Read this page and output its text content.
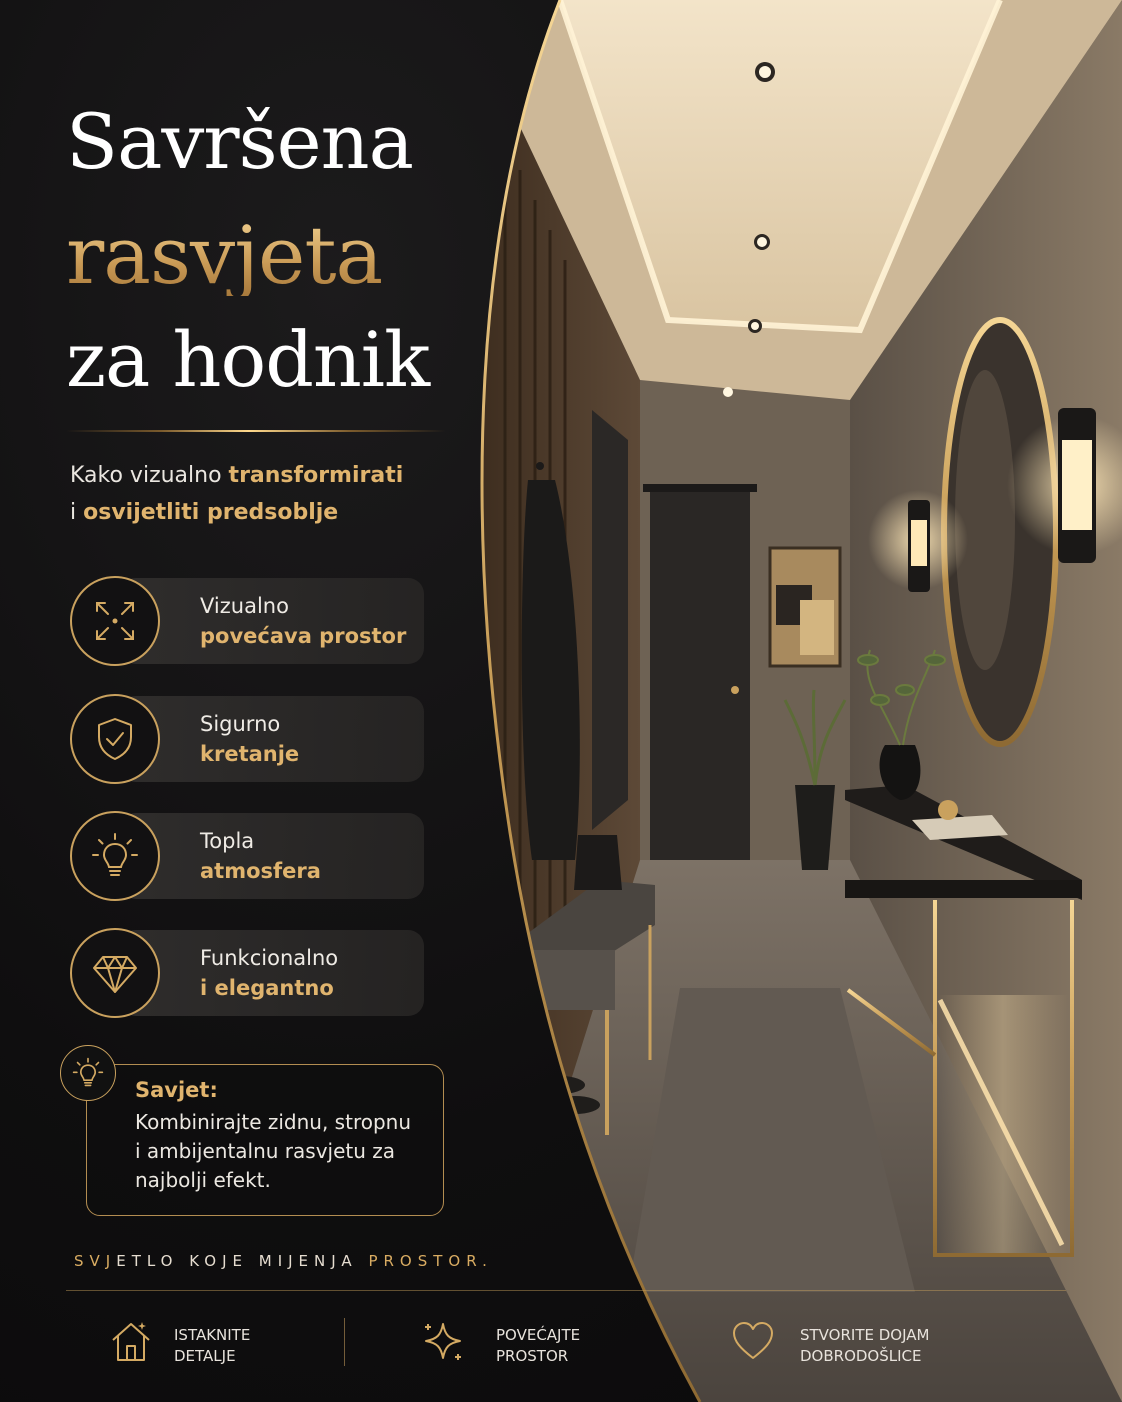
Savršena
rasvjeta
za hodnik
Kako vizualno transformirati
i osvijetliti predsoblje
Vizualno
povećava prostor
Sigurno
kretanje
Topla
atmosfera
Funkcionalno
i elegantno
Savjet:
Kombinirajte zidnu, stropnu
i ambijentalnu rasvjetu za
najbolji efekt.
SVJETLO KOJE MIJENJA PROSTOR.
ISTAKNITE
DETALJE
POVEĆAJTE
PROSTOR
STVORITE DOJAM
DOBRODOŠLICE
